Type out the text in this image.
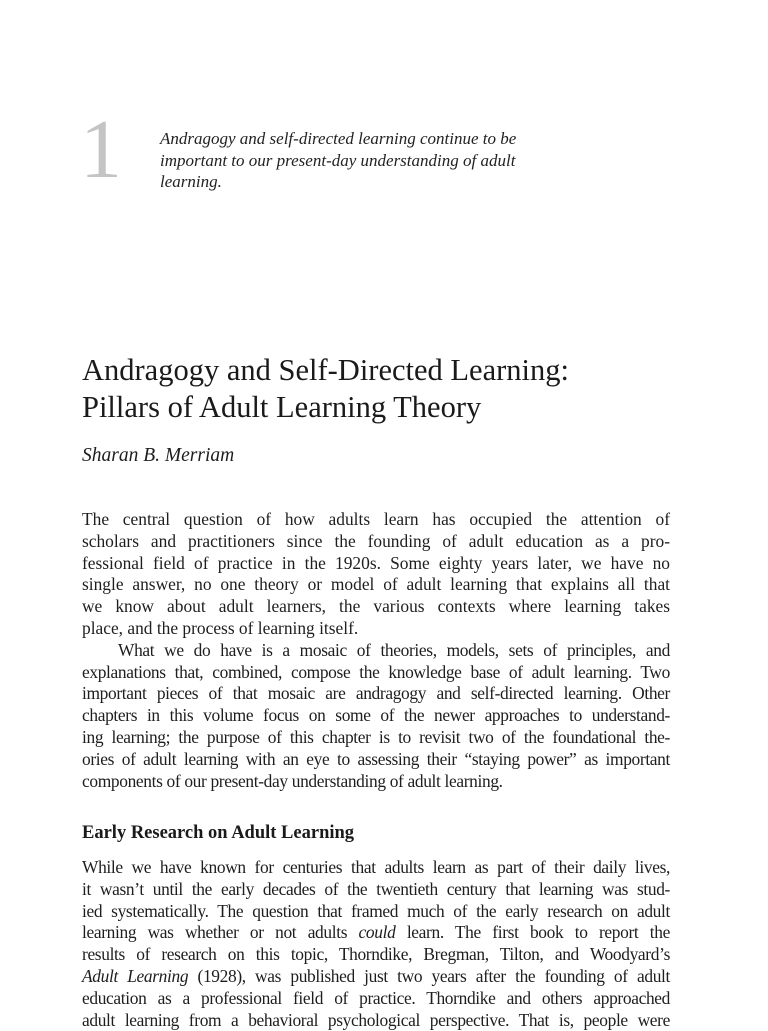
1 Andragogy and self-directed learning continue to be important to our present-day understanding of adult learning.
Andragogy and Self-Directed Learning:
Pillars of Adult Learning Theory
Sharan B. Merriam

The central question of how adults learn has occupied the attention of
scholars and practitioners since the founding of adult education as a pro-
fessional field of practice in the 1920s. Some eighty years later, we have no
single answer, no one theory or model of adult learning that explains all that
we know about adult learners, the various contexts where learning takes
place, and the process of learning itself.

What we do have is a mosaic of theories, models, sets of principles, and
explanations that, combined, compose the knowledge base of adult learning. Two
important pieces of that mosaic are andragogy and self-directed learning. Other
chapters in this volume focus on some of the newer approaches to understand-
ing learning; the purpose of this chapter is to revisit two of the foundational the-
ories of adult learning with an eye to assessing their “staying power” as important
components of our present-day understanding of adult learning.

Early Research on Adult Learning

While we have known for centuries that adults learn as part of their daily lives,
it wasn’t until the early decades of the twentieth century that learning was stud-
ied systematically. The question that framed much of the early research on adult
learning was whether or not adults could learn. The first book to report the
results of research on this topic, Thorndike, Bregman, Tilton, and Woodyard’s
Adult Learning (1928), was published just two years after the founding of adult
education as a professional field of practice. Thorndike and others approached
adult learning from a behavioral psychological perspective. That is, people were
